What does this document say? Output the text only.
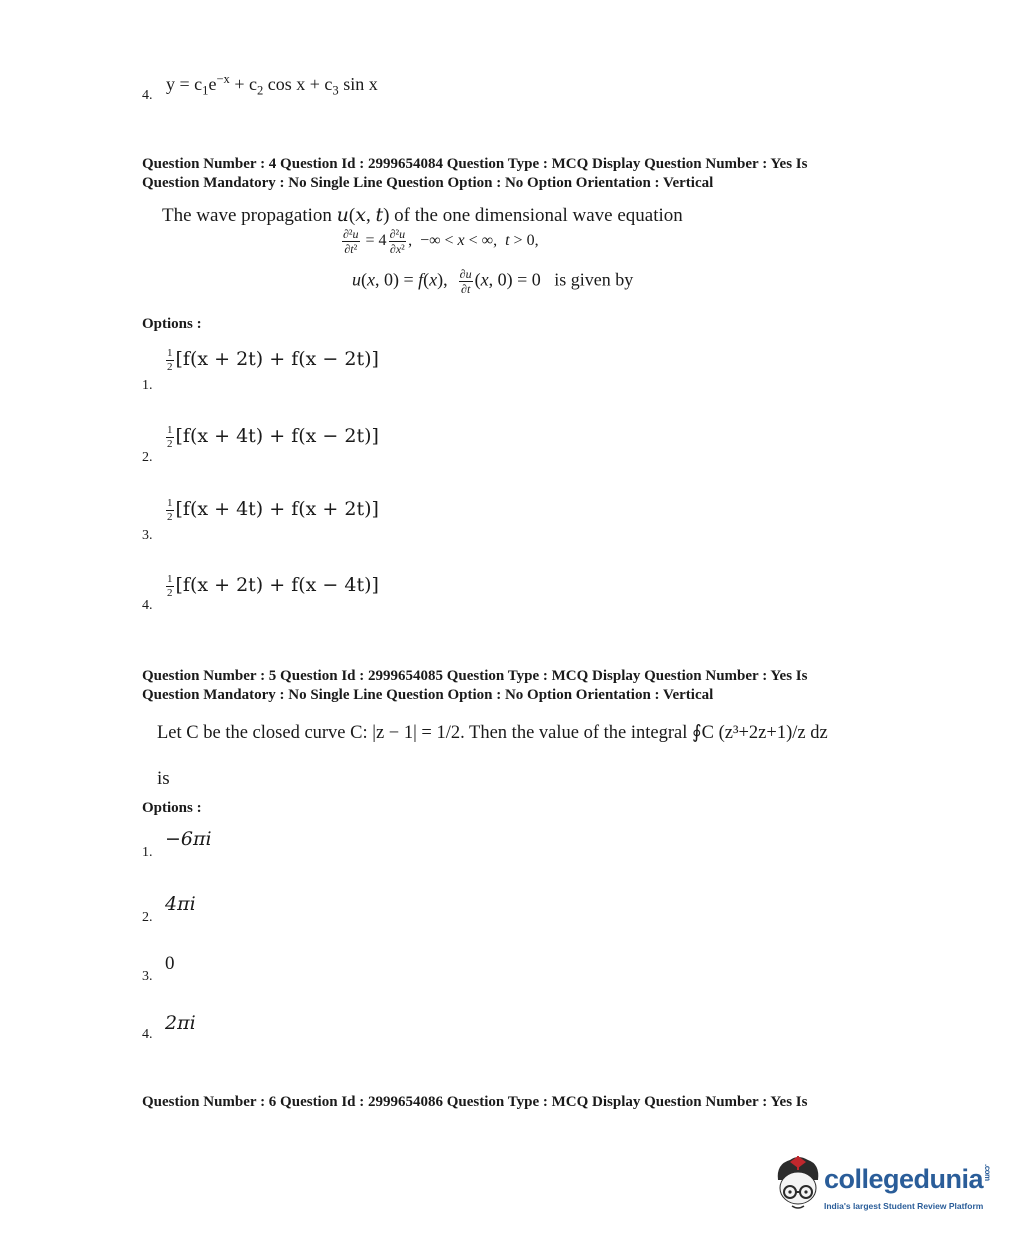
4.
$y = c_1e^{-x} + c_2$ $\cos x + c_3$ sin x
Question Number : 4 Question Id : 2999654084 Question Type : MCQ Display Question Number : Yes Is
Question Mandatory : No Single Line Question Option : No Option Orientation : Vertical
The wave propagation u(x, t) of the one dimensional wave equation
$\frac{\text{∂²u}}{\text{∂t²}} = 4 \frac{\text{∂²u}}{\text{∂x²}}$ ,  −∞ < x < ∞,  t > 0,
u(x, 0) = f(x), $\frac{\partial u}{\partial t} (x$, 0) = 0   is given by
Options :
1.
$\frac{1}{2} [f(x + 2t) + f(x - 2t)]$
2.
$\frac{1}{2} [f(x + 4t) + f(x - 2t)]$
3.
$\frac{1}{2} [f(x + 4t) + f(x + 2t)]$
4.
$\frac{1}{2} [f(x + 2t) + f(x - 4t)]$
Question Number : 5 Question Id : 2999654085 Question Type : MCQ Display Question Number : Yes Is
Question Mandatory : No Single Line Question Option : No Option Orientation : Vertical
Let C be the closed curve C: |z − 1| = 1/2. Then the value of the integral ∮C (z³+2z+1)/z dz
is
Options :
1.
−6πi
2.
4πi
3.
0
4.
2πi
Question Number : 6 Question Id : 2999654086 Question Type : MCQ Display Question Number : Yes Is
collegedunia.com
India's largest Student Review Platform
